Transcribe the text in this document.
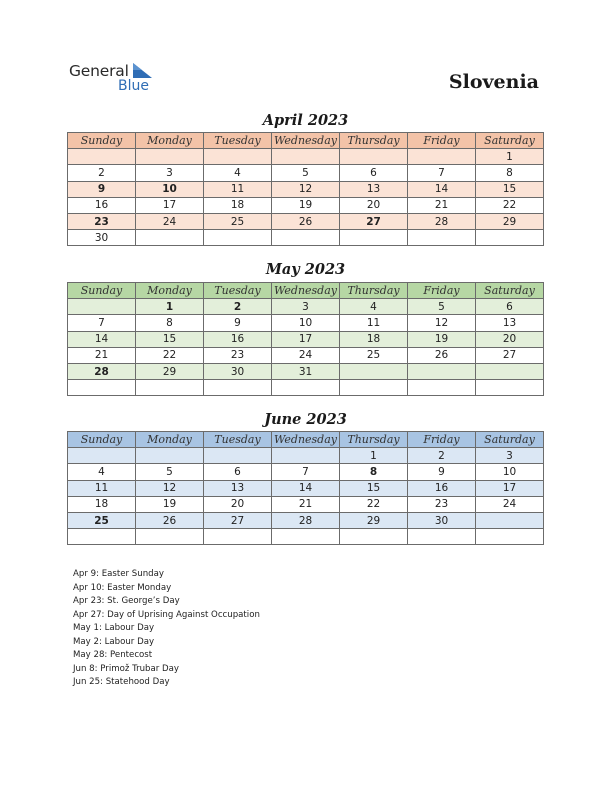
General
Blue	Slovenia
April 2023
Sunday	Monday	Tuesday	Wednesday	Thursday	Friday	Saturday
						1
2	3	4	5	6	7	8
9	10	11	12	13	14	15
16	17	18	19	20	21	22
23	24	25	26	27	28	29
30						
May 2023
Sunday	Monday	Tuesday	Wednesday	Thursday	Friday	Saturday
	1	2	3	4	5	6
7	8	9	10	11	12	13
14	15	16	17	18	19	20
21	22	23	24	25	26	27
28	29	30	31			

June 2023
Sunday	Monday	Tuesday	Wednesday	Thursday	Friday	Saturday
				1	2	3
4	5	6	7	8	9	10
11	12	13	14	15	16	17
18	19	20	21	22	23	24
25	26	27	28	29	30	

Apr 9: Easter Sunday
Apr 10: Easter Monday
Apr 23: St. George’s Day
Apr 27: Day of Uprising Against Occupation
May 1: Labour Day
May 2: Labour Day
May 28: Pentecost
Jun 8: Primož Trubar Day
Jun 25: Statehood Day
